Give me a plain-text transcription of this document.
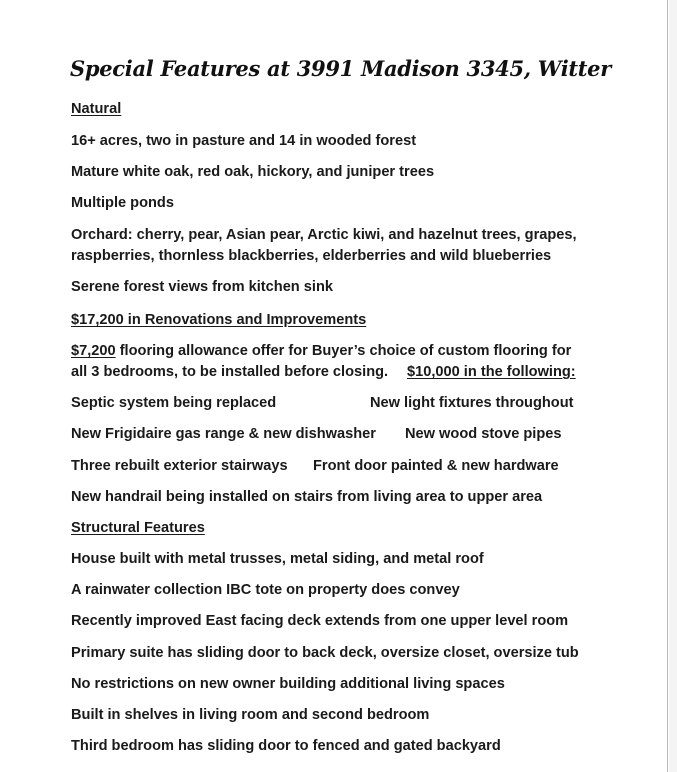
Special Features at 3991 Madison 3345, Witter
Natural
16+ acres, two in pasture and 14 in wooded forest
Mature white oak, red oak, hickory, and juniper trees
Multiple ponds
Orchard: cherry, pear, Asian pear, Arctic kiwi, and hazelnut trees, grapes,
raspberries, thornless blackberries, elderberries and wild blueberries
Serene forest views from kitchen sink
$17,200 in Renovations and Improvements
$7,200 flooring allowance offer for Buyer’s choice of custom flooring for
all 3 bedrooms, to be installed before closing. $10,000 in the following:
Septic system being replaced	New light fixtures throughout
New Frigidaire gas range & new dishwasher New wood stove pipes
Three rebuilt exterior stairways Front door painted & new hardware
New handrail being installed on stairs from living area to upper area
Structural Features
House built with metal trusses, metal siding, and metal roof
A rainwater collection IBC tote on property does convey
Recently improved East facing deck extends from one upper level room
Primary suite has sliding door to back deck, oversize closet, oversize tub
No restrictions on new owner building additional living spaces
Built in shelves in living room and second bedroom
Third bedroom has sliding door to fenced and gated backyard
